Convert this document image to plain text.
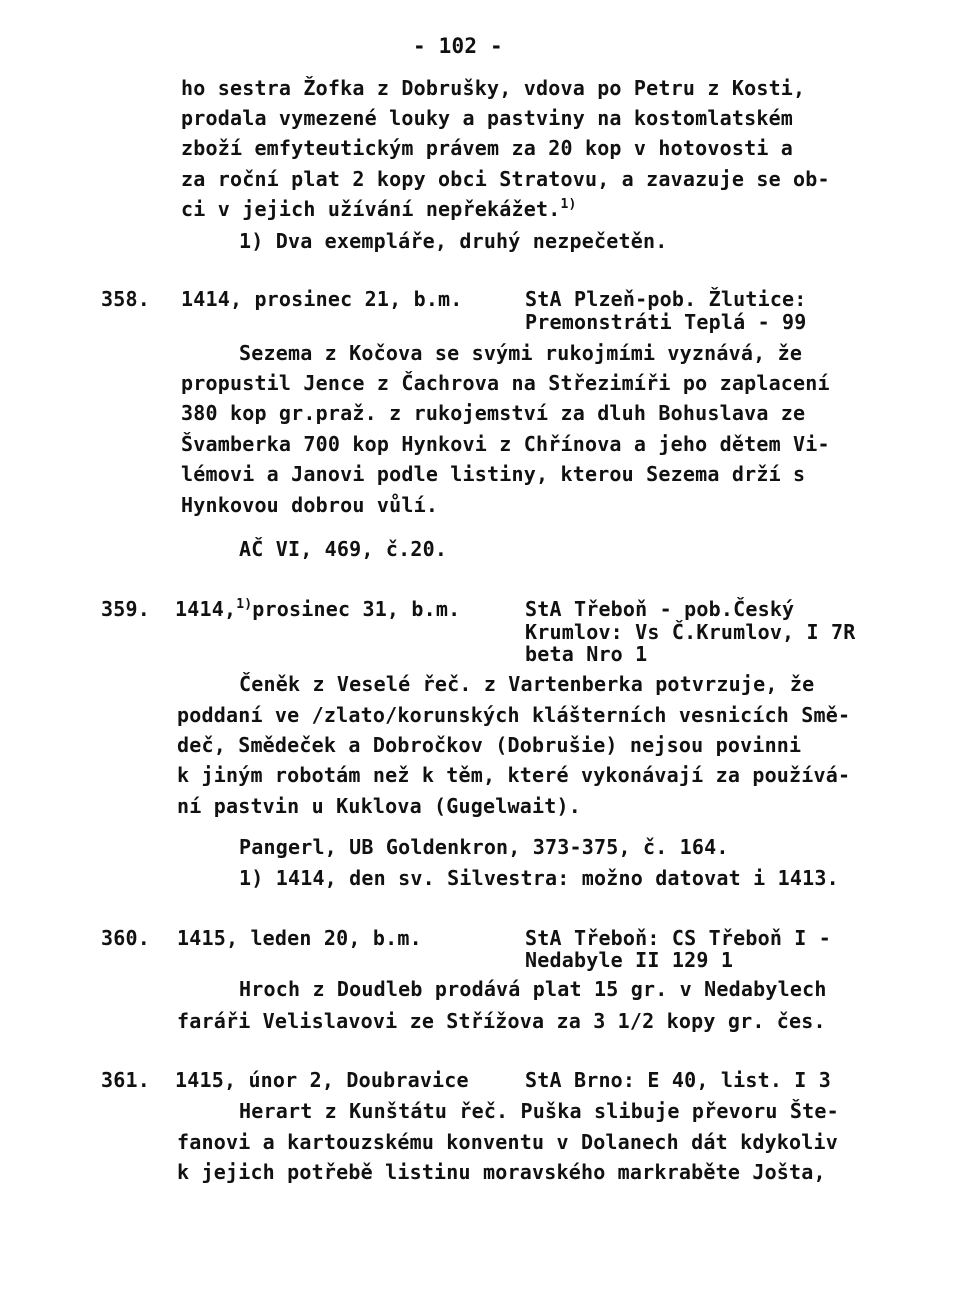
- 102 -
ho sestra Žofka z Dobrušky, vdova po Petru z Kosti,
prodala vymezené louky a pastviny na kostomlatském
zboží emfyteutickým právem za 20 kop v hotovosti a
za roční plat 2 kopy obci Stratovu, a zavazuje se ob-
ci v jejich užívání nepřekážet.$^{1)}$
1) Dva exempláře, druhý nezpečetěn.
358. 1414, prosinec 21, b.m.	StA Plzeň-pob. Žlutice:
Premonstráti Teplá - 99
Sezema z Kočova se svými rukojmími vyznává, že
propustil Jence z Čachrova na Střezimíři po zaplacení
380 kop gr.praž. z rukojemství za dluh Bohuslava ze
Švamberka 700 kop Hynkovi z Chřínova a jeho dětem Vi-
lémovi a Janovi podle listiny, kterou Sezema drží s
Hynkovou dobrou vůlí.
AČ VI, 469, č.20.
359. 1414,$^{1)}$prosinec 31, b.m.	StA Třeboň - pob.Český
Krumlov: Vs Č.Krumlov, I 7R
beta Nro 1
Čeněk z Veselé řeč. z Vartenberka potvrzuje, že
poddaní ve /zlato/korunských klášterních vesnicích Smě-
deč, Smědeček a Dobročkov (Dobrušie) nejsou povinni
k jiným robotám než k těm, které vykonávají za používá-
ní pastvin u Kuklova (Gugelwait).
Pangerl, UB Goldenkron, 373-375, č. 164.
1) 1414, den sv. Silvestra: možno datovat i 1413.
360. 1415, leden 20, b.m.	StA Třeboň: CS Třeboň I -
Nedabyle II 129 1
Hroch z Doudleb prodává plat 15 gr. v Nedabylech
faráři Velislavovi ze Střížova za 3 1/2 kopy gr. čes.
361. 1415, únor 2, Doubravice	StA Brno: E 40, list. I 3
Herart z Kunštátu řeč. Puška slibuje převoru Šte-
fanovi a kartouzskému konventu v Dolanech dát kdykoliv
k jejich potřebě listinu moravského markraběte Jošta,
